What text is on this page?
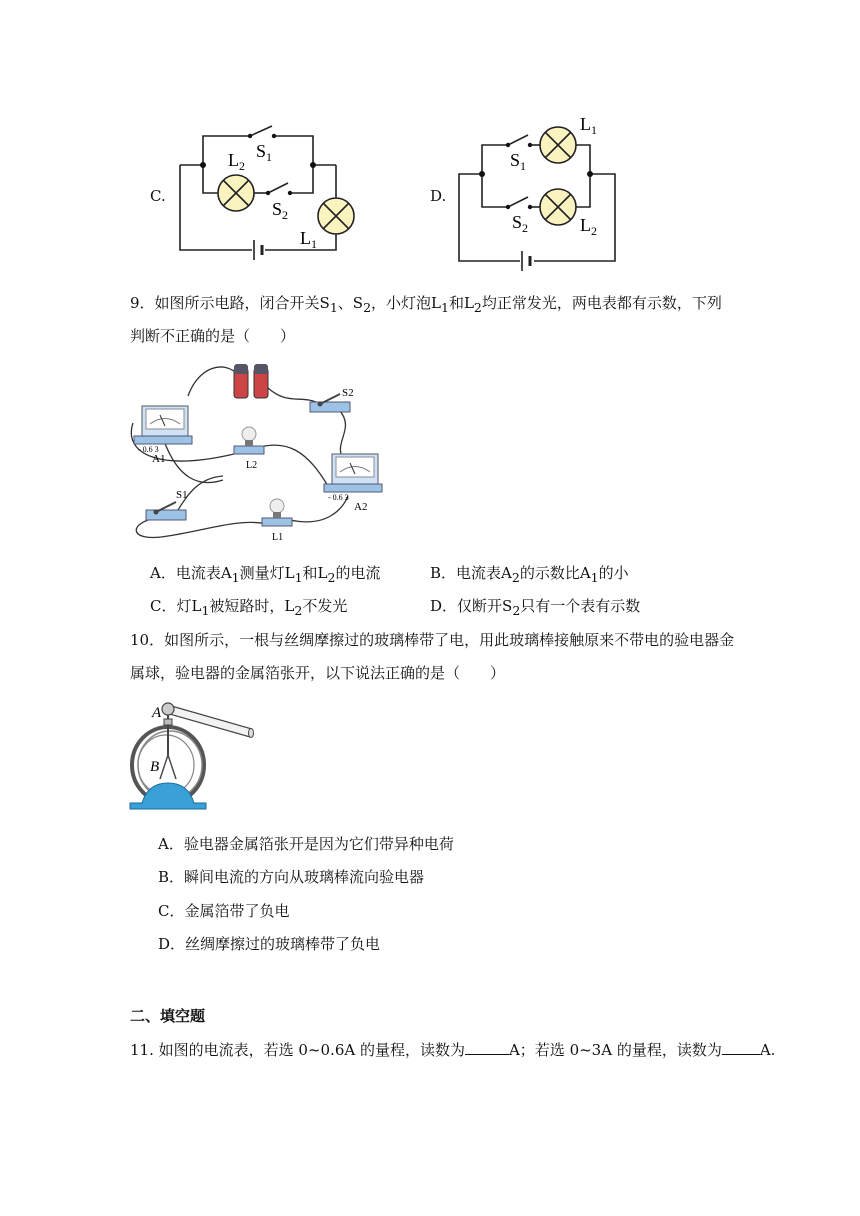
C.
$S_1$
$L_2$
$S_2$
$L_1$
D.
$L_1$
$S_1$
$S_2$	$L_2$
9．如图所示电路，闭合开关$S_1$、$S_2$，小灯泡$L_1$和$L_2$均正常发光，两电表都有示数，下列
判断不正确的是（　　）
S2
- 0.6 3
A1
L2
- 0.6 3
A2
S1
L1
A．电流表$A_1$测量灯$L_1$和$L_2$的电流	B．电流表$A_2$的示数比$A_1$的小
C．灯$L_1$被短路时，$L_2$不发光	D．仅断开$S_2$只有一个表有示数
10．如图所示，一根与丝绸摩擦过的玻璃棒带了电，用此玻璃棒接触原来不带电的验电器金
属球，验电器的金属箔张开，以下说法正确的是（　　）
A
B
A．验电器金属箔张开是因为它们带异种电荷
B．瞬间电流的方向从玻璃棒流向验电器
C．金属箔带了负电
D．丝绸摩擦过的玻璃棒带了负电
二、填空题
11. 如图的电流表，若选 0~0.6A 的量程，读数为	A；若选 0~3A 的量程，读数为	A.
